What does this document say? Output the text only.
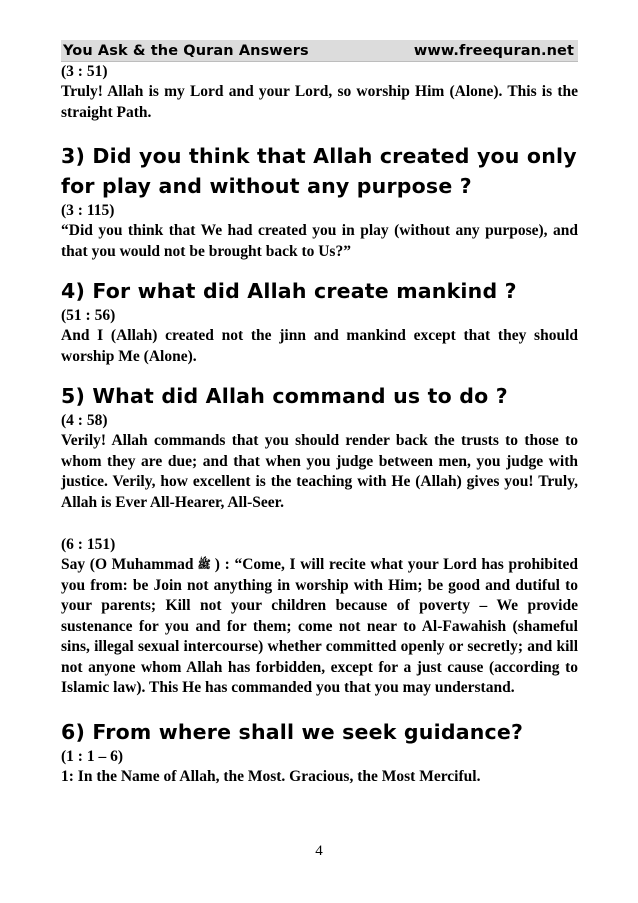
You Ask & the Quran Answers	www.freequran.net

(3 : 51)

Truly! Allah is my Lord and your Lord, so worship Him (Alone). This is the straight Path.

3) Did you think that Allah created you only for play and without any purpose ?

(3 : 115)

“Did you think that We had created you in play (without any purpose), and that you would not be brought back to Us?”

4) For what did Allah create mankind ?

(51 : 56)

And I (Allah) created not the jinn and mankind except that they should worship Me (Alone).

5) What did Allah command us to do ?

(4 : 58)

Verily! Allah commands that you should render back the trusts to those to whom they are due; and that when you judge between men, you judge with justice. Verily, how excellent is the teaching with He (Allah) gives you! Truly, Allah is Ever All-Hearer, All-Seer.

(6 : 151)

Say (O Muhammad ﷺ ) : “Come, I will recite what your Lord has prohibited you from: be Join not anything in worship with Him; be good and dutiful to your parents; Kill not your children because of poverty – We provide sustenance for you and for them; come not near to Al-Fawahish (shameful sins, illegal sexual intercourse) whether committed openly or secretly; and kill not anyone whom Allah has forbidden, except for a just cause (according to Islamic law). This He has commanded you that you may understand.

6) From where shall we seek guidance?

(1 : 1 – 6)

1: In the Name of Allah, the Most. Gracious, the Most Merciful.

4
